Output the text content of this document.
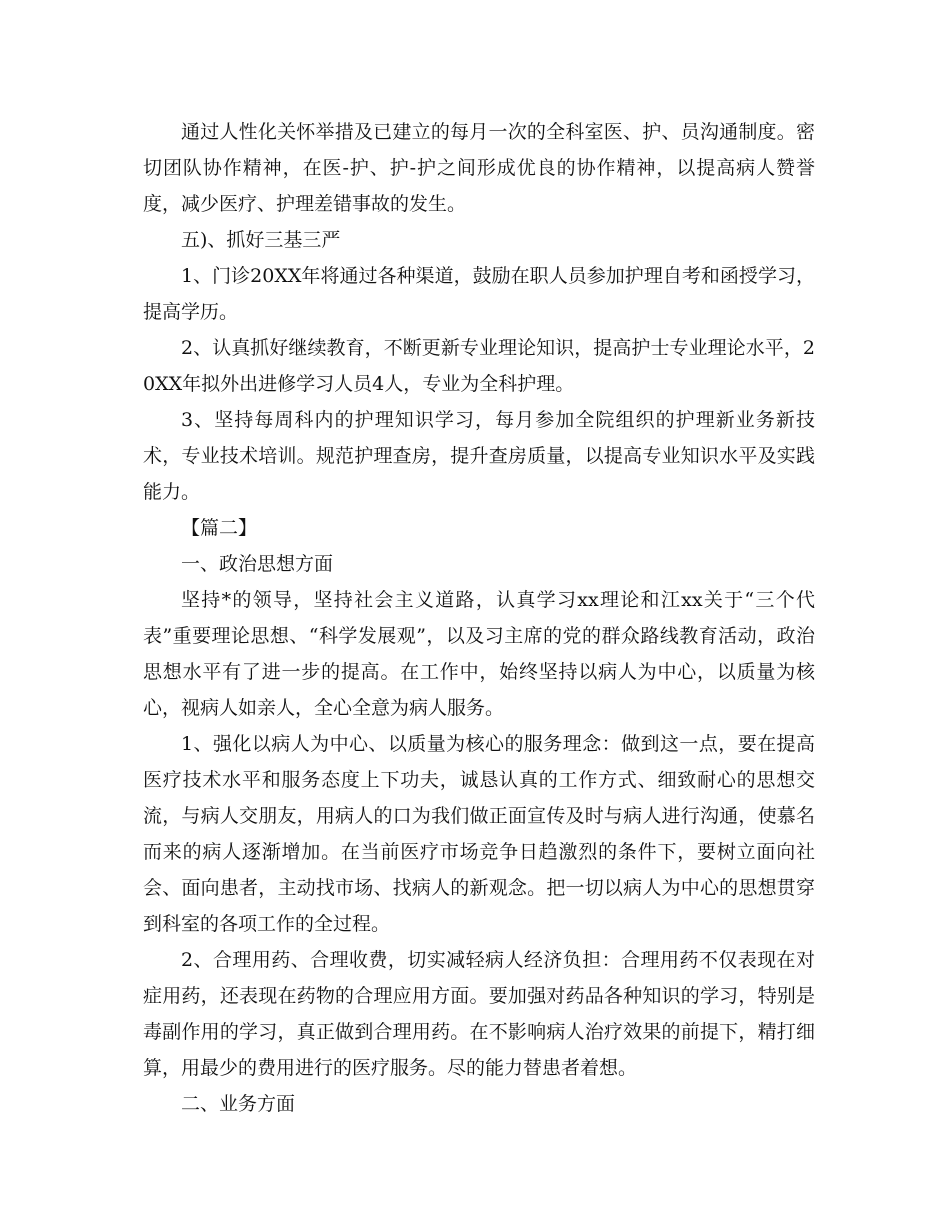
通过人性化关怀举措及已建立的每月一次的全科室医、护、员沟通制度。密切团队协作精神，在医-护、护-护之间形成优良的协作精神，以提高病人赞誉度，减少医疗、护理差错事故的发生。

五)、抓好三基三严

1、门诊20XX年将通过各种渠道，鼓励在职人员参加护理自考和函授学习，提高学历。

2、认真抓好继续教育，不断更新专业理论知识，提高护士专业理论水平，20XX年拟外出进修学习人员4人，专业为全科护理。

3、坚持每周科内的护理知识学习，每月参加全院组织的护理新业务新技术，专业技术培训。规范护理查房，提升查房质量，以提高专业知识水平及实践能力。

【篇二】

一、政治思想方面

坚持*的领导，坚持社会主义道路，认真学习xx理论和江xx关于“三个代表”重要理论思想、“科学发展观”，以及习主席的党的群众路线教育活动，政治思想水平有了进一步的提高。在工作中，始终坚持以病人为中心，以质量为核心，视病人如亲人，全心全意为病人服务。

1、强化以病人为中心、以质量为核心的服务理念：做到这一点，要在提高医疗技术水平和服务态度上下功夫，诚恳认真的工作方式、细致耐心的思想交流，与病人交朋友，用病人的口为我们做正面宣传及时与病人进行沟通，使慕名而来的病人逐渐增加。在当前医疗市场竞争日趋激烈的条件下，要树立面向社会、面向患者，主动找市场、找病人的新观念。把一切以病人为中心的思想贯穿到科室的各项工作的全过程。

2、合理用药、合理收费，切实减轻病人经济负担：合理用药不仅表现在对症用药，还表现在药物的合理应用方面。要加强对药品各种知识的学习，特别是毒副作用的学习，真正做到合理用药。在不影响病人治疗效果的前提下，精打细算，用最少的费用进行的医疗服务。尽的能力替患者着想。

二、业务方面
